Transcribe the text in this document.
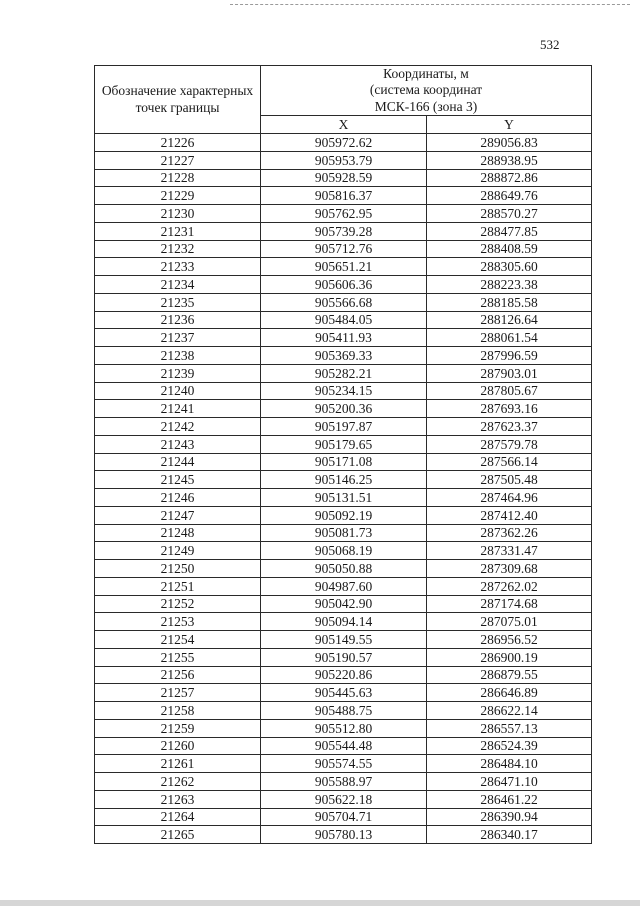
532
Обозначение характерных точек границы	Координаты, м
(система координат
МСК-166 (зона 3)	
	X	Y
21226	905972.62	289056.83
21227	905953.79	288938.95
21228	905928.59	288872.86
21229	905816.37	288649.76
21230	905762.95	288570.27
21231	905739.28	288477.85
21232	905712.76	288408.59
21233	905651.21	288305.60
21234	905606.36	288223.38
21235	905566.68	288185.58
21236	905484.05	288126.64
21237	905411.93	288061.54
21238	905369.33	287996.59
21239	905282.21	287903.01
21240	905234.15	287805.67
21241	905200.36	287693.16
21242	905197.87	287623.37
21243	905179.65	287579.78
21244	905171.08	287566.14
21245	905146.25	287505.48
21246	905131.51	287464.96
21247	905092.19	287412.40
21248	905081.73	287362.26
21249	905068.19	287331.47
21250	905050.88	287309.68
21251	904987.60	287262.02
21252	905042.90	287174.68
21253	905094.14	287075.01
21254	905149.55	286956.52
21255	905190.57	286900.19
21256	905220.86	286879.55
21257	905445.63	286646.89
21258	905488.75	286622.14
21259	905512.80	286557.13
21260	905544.48	286524.39
21261	905574.55	286484.10
21262	905588.97	286471.10
21263	905622.18	286461.22
21264	905704.71	286390.94
21265	905780.13	286340.17
